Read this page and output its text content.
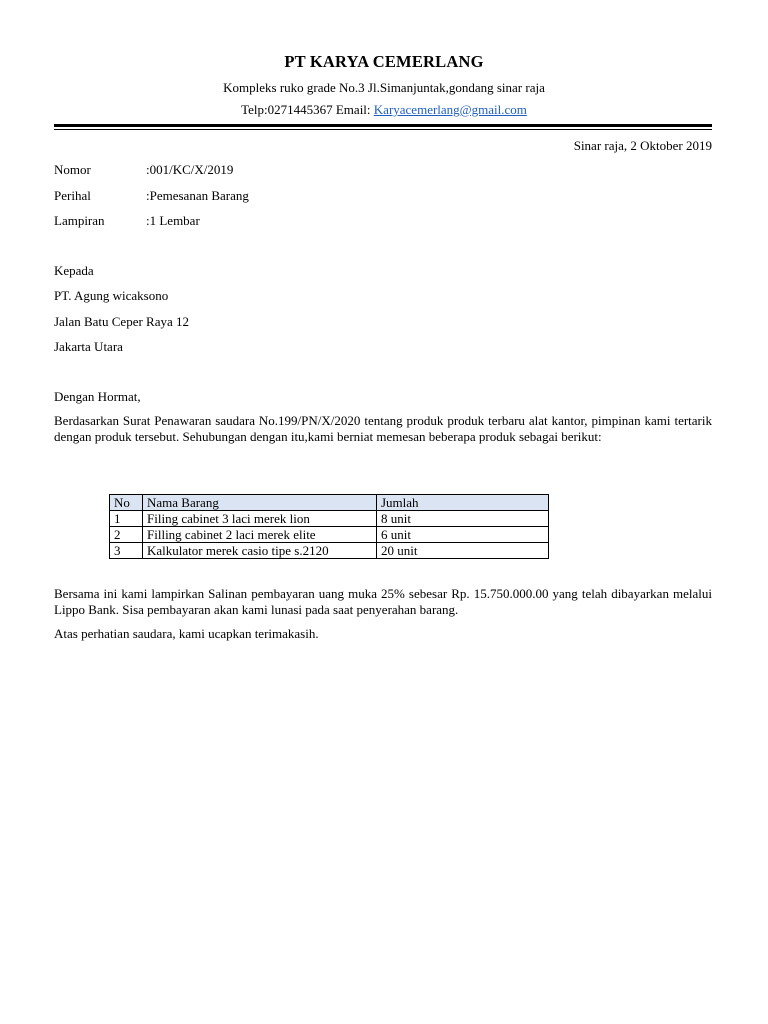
PT KARYA CEMERLANG
Kompleks ruko grade No.3 Jl.Simanjuntak,gondang sinar raja
Telp:0271445367 Email: Karyacemerlang@gmail.com
Sinar raja, 2 Oktober 2019
Nomor	:001/KC/X/2019
Perihal	:Pemesanan Barang
Lampiran	:1 Lembar
Kepada
PT. Agung wicaksono
Jalan Batu Ceper Raya 12
Jakarta Utara
Dengan Hormat,
Berdasarkan Surat Penawaran saudara No.199/PN/X/2020 tentang produk produk terbaru alat kantor, pimpinan kami tertarik dengan produk tersebut. Sehubungan dengan itu,kami berniat memesan beberapa produk sebagai berikut:
No	Nama Barang	Jumlah
1	Filing cabinet 3 laci merek lion	8 unit
2	Filling cabinet 2 laci merek elite	6 unit
3	Kalkulator merek casio tipe s.2120	20 unit
Bersama ini kami lampirkan Salinan pembayaran uang muka 25% sebesar Rp. 15.750.000.00 yang telah dibayarkan melalui Lippo Bank. Sisa pembayaran akan kami lunasi pada saat penyerahan barang.
Atas perhatian saudara, kami ucapkan terimakasih.
